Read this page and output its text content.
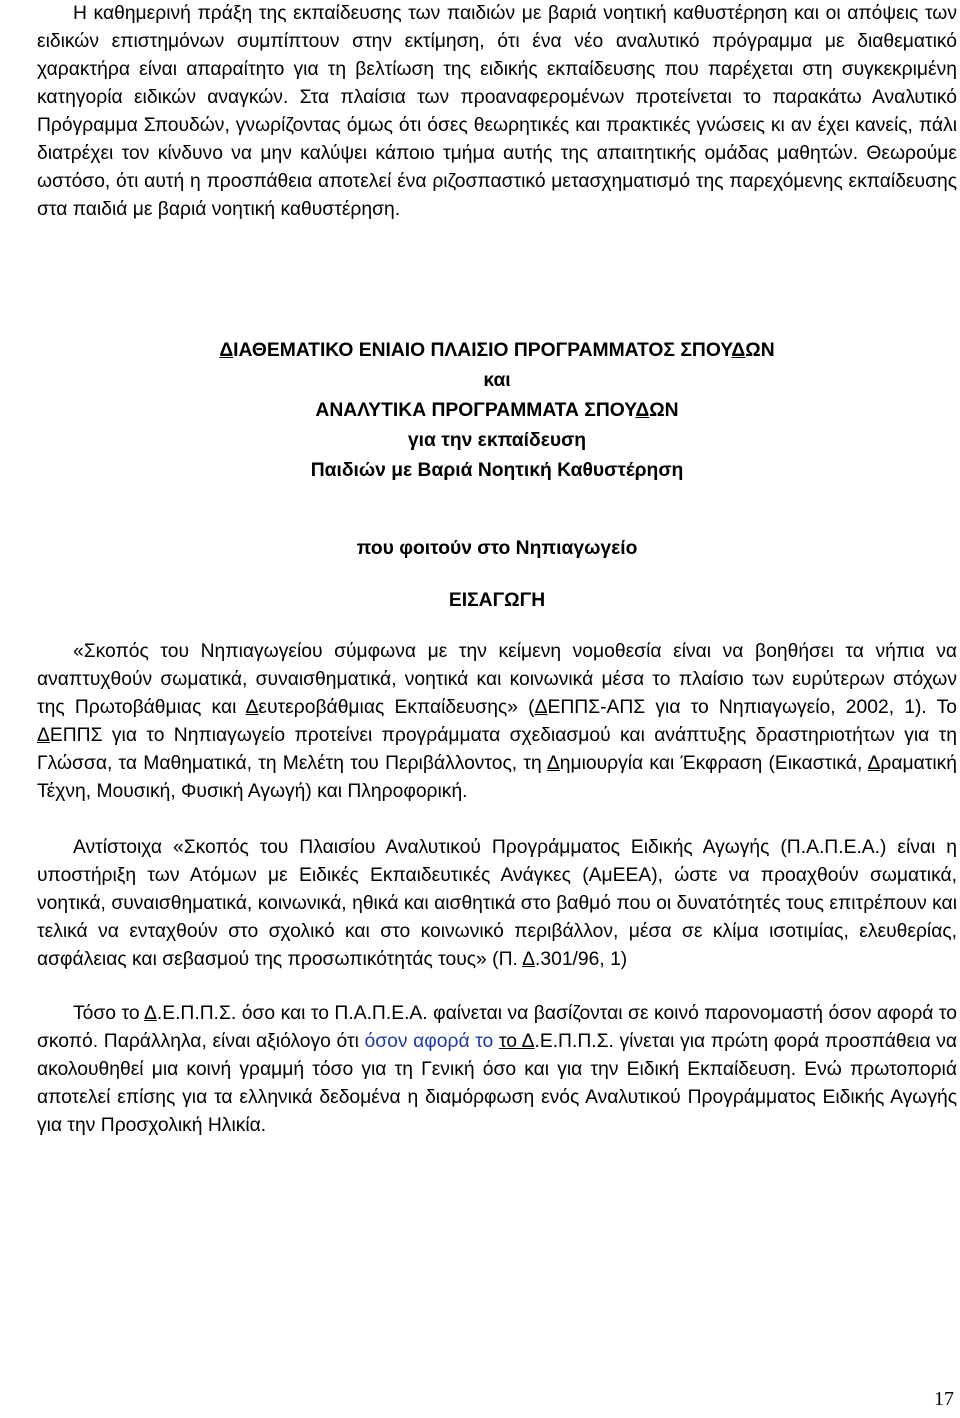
Η καθημερινή πράξη της εκπαίδευσης των παιδιών με βαριά νοητική καθυστέρηση και οι απόψεις των ειδικών επιστημόνων συμπίπτουν στην εκτίμηση, ότι ένα νέο αναλυτικό πρόγραμμα με διαθεματικό χαρακτήρα είναι απαραίτητο για τη βελτίωση της ειδικής εκπαίδευσης που παρέχεται στη συγκεκριμένη κατηγορία ειδικών αναγκών. Στα πλαίσια των προαναφερομένων προτείνεται το παρακάτω Αναλυτικό Πρόγραμμα Σπουδών, γνωρίζοντας όμως ότι όσες θεωρητικές και πρακτικές γνώσεις κι αν έχει κανείς, πάλι διατρέχει τον κίνδυνο να μην καλύψει κάποιο τμήμα αυτής της απαιτητικής ομάδας μαθητών. Θεωρούμε ωστόσο, ότι αυτή η προσπάθεια αποτελεί ένα ριζοσπαστικό μετασχηματισμό της παρεχόμενης εκπαίδευσης στα παιδιά με βαριά νοητική καθυστέρηση.

ΔΙΑΘΕΜΑΤΙΚΟ ΕΝΙΑΙΟ ΠΛΑΙΣΙΟ ΠΡΟΓΡΑΜΜΑΤΟΣ ΣΠΟΥΔΩΝ

και

ΑΝΑΛΥΤΙΚΑ ΠΡΟΓΡΑΜΜΑΤΑ ΣΠΟΥΔΩΝ

για την εκπαίδευση

Παιδιών με Βαριά Νοητική Καθυστέρηση

που φοιτούν στο Νηπιαγωγείο

ΕΙΣΑΓΩΓΗ

«Σκοπός του Νηπιαγωγείου σύμφωνα με την κείμενη νομοθεσία είναι να βοηθήσει τα νήπια να αναπτυχθούν σωματικά, συναισθηματικά, νοητικά και κοινωνικά μέσα το πλαίσιο των ευρύτερων στόχων της Πρωτοβάθμιας και Δευτεροβάθμιας Εκπαίδευσης» (ΔΕΠΠΣ-ΑΠΣ για το Νηπιαγωγείο, 2002, 1). Το ΔΕΠΠΣ για το Νηπιαγωγείο προτείνει προγράμματα σχεδιασμού και ανάπτυξης δραστηριοτήτων για τη Γλώσσα, τα Μαθηματικά, τη Μελέτη του Περιβάλλοντος, τη Δημιουργία και Έκφραση (Εικαστικά, Δραματική Τέχνη, Μουσική, Φυσική Αγωγή) και Πληροφορική.

Αντίστοιχα «Σκοπός του Πλαισίου Αναλυτικού Προγράμματος Ειδικής Αγωγής (Π.Α.Π.Ε.Α.) είναι η υποστήριξη των Ατόμων με Ειδικές Εκπαιδευτικές Ανάγκες (ΑμΕΕΑ), ώστε να προαχθούν σωματικά, νοητικά, συναισθηματικά, κοινωνικά, ηθικά και αισθητικά στο βαθμό που οι δυνατότητές τους επιτρέπουν και τελικά να ενταχθούν στο σχολικό και στο κοινωνικό περιβάλλον, μέσα σε κλίμα ισοτιμίας, ελευθερίας, ασφάλειας και σεβασμού της προσωπικότητάς τους» (Π. Δ.301/96, 1)

Τόσο το Δ.Ε.Π.Π.Σ. όσο και το Π.Α.Π.Ε.Α. φαίνεται να βασίζονται σε κοινό παρονομαστή όσον αφορά το σκοπό. Παράλληλα, είναι αξιόλογο ότι όσον αφορά το το Δ.Ε.Π.Π.Σ. γίνεται για πρώτη φορά προσπάθεια να ακολουθηθεί μια κοινή γραμμή τόσο για τη Γενική όσο και για την Ειδική Εκπαίδευση. Ενώ πρωτοποριά αποτελεί επίσης για τα ελληνικά δεδομένα η διαμόρφωση ενός Αναλυτικού Προγράμματος Ειδικής Αγωγής για την Προσχολική Ηλικία.

17
